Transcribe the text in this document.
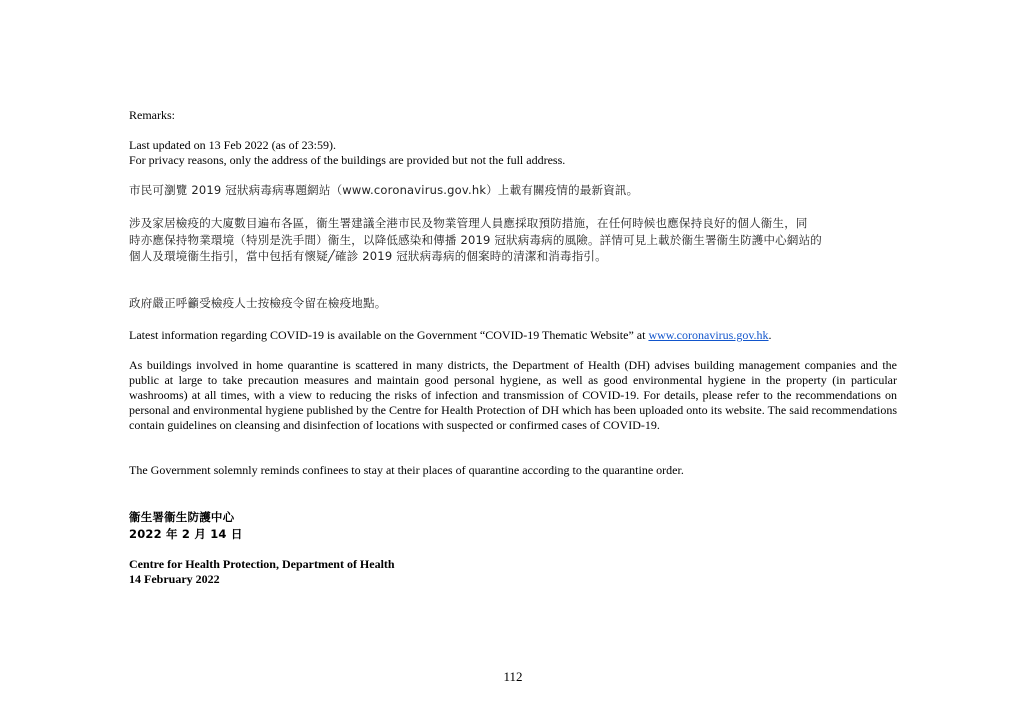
Remarks:

Last updated on 13 Feb 2022 (as of 23:59).
For privacy reasons, only the address of the buildings are provided but not the full address.

市民可瀏覽 2019 冠狀病毒病專題網站（www.coronavirus.gov.hk）上載有關疫情的最新資訊。

涉及家居檢疫的大廈數目遍布各區，衞生署建議全港市民及物業管理人員應採取預防措施，在任何時候也應保持良好的個人衞生，同
時亦應保持物業環境（特別是洗手間）衞生，以降低感染和傳播 2019 冠狀病毒病的風險。詳情可見上載於衞生署衞生防護中心網站的
個人及環境衞生指引，當中包括有懷疑╱確診 2019 冠狀病毒病的個案時的清潔和消毒指引。

政府嚴正呼籲受檢疫人士按檢疫令留在檢疫地點。

Latest information regarding COVID-19 is available on the Government “COVID-19 Thematic Website” at www.coronavirus.gov.hk.

As buildings involved in home quarantine is scattered in many districts, the Department of Health (DH) advises building management companies and the public at large to take precaution measures and maintain good personal hygiene, as well as good environmental hygiene in the property (in particular washrooms) at all times, with a view to reducing the risks of infection and transmission of COVID-19. For details, please refer to the recommendations on personal and environmental hygiene published by the Centre for Health Protection of DH which has been uploaded onto its website. The said recommendations contain guidelines on cleansing and disinfection of locations with suspected or confirmed cases of COVID-19.

The Government solemnly reminds confinees to stay at their places of quarantine according to the quarantine order.

衞生署衞生防護中心
2022 年 2 月 14 日
Centre for Health Protection, Department of Health
14 February 2022
112
